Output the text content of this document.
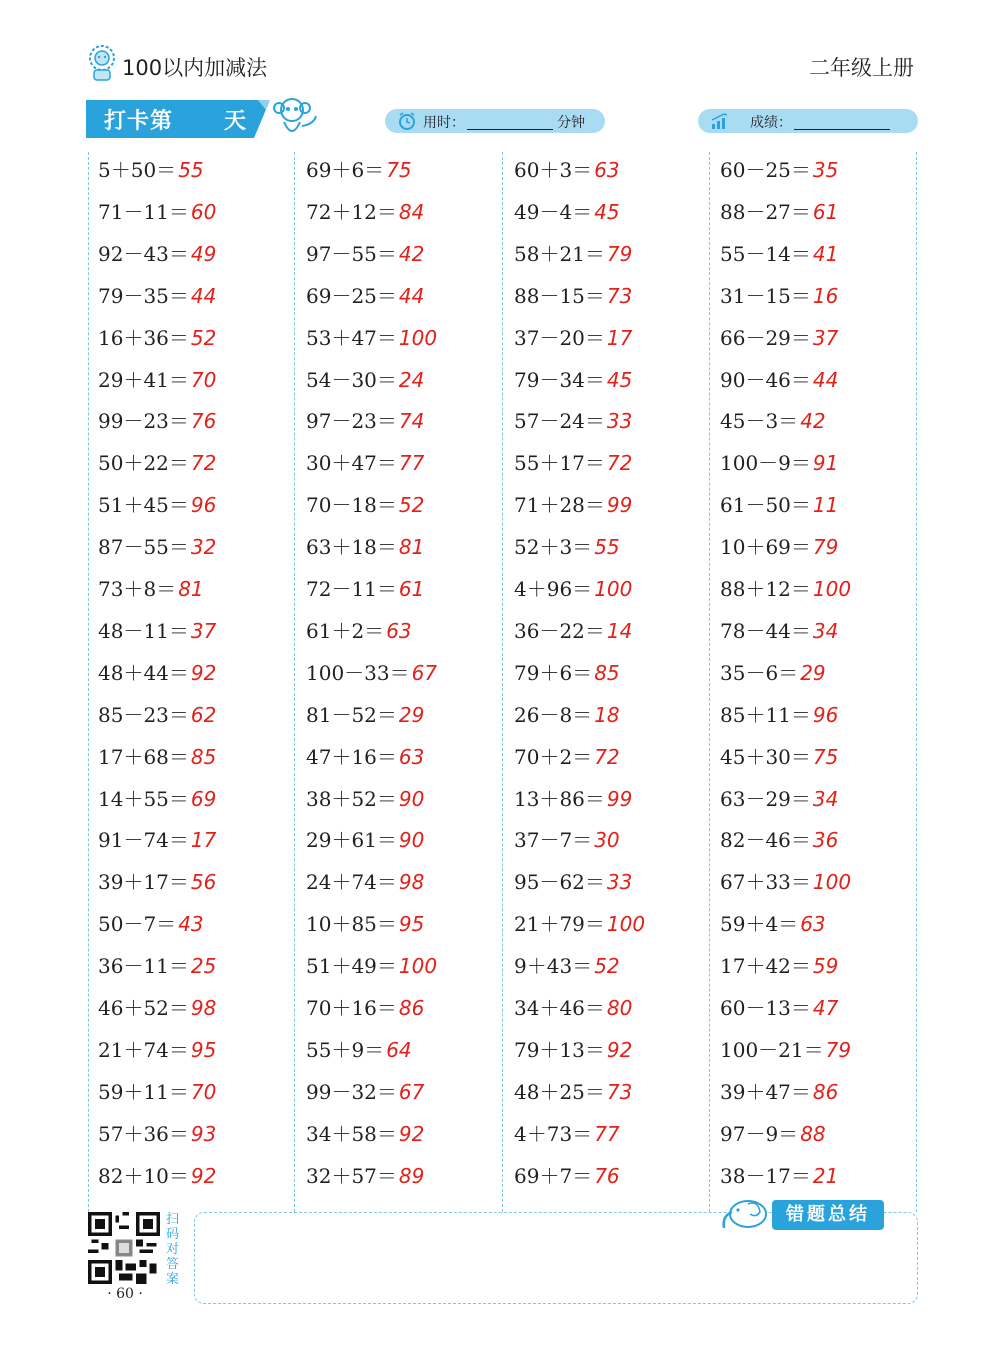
100以内加减法	二年级上册
打卡第 天	用时：	分钟	成绩：
5＋50＝ 55
71－11＝ 60
92－43＝ 49
79－35＝ 44
16＋36＝ 52
29＋41＝ 70
99－23＝ 76
50＋22＝ 72
51＋45＝ 96
87－55＝ 32
73＋8＝ 81
48－11＝ 37
48＋44＝ 92
85－23＝ 62
17＋68＝ 85
14＋55＝ 69
91－74＝ 17
39＋17＝ 56
50－7＝ 43
36－11＝ 25
46＋52＝ 98
21＋74＝ 95
59＋11＝ 70
57＋36＝ 93
82＋10＝ 92
69＋6＝ 75
72＋12＝ 84
97－55＝ 42
69－25＝ 44
53＋47＝ 100
54－30＝ 24
97－23＝ 74
30＋47＝ 77
70－18＝ 52
63＋18＝ 81
72－11＝ 61
61＋2＝ 63
100－33＝ 67
81－52＝ 29
47＋16＝ 63
38＋52＝ 90
29＋61＝ 90
24＋74＝ 98
10＋85＝ 95
51＋49＝ 100
70＋16＝ 86
55＋9＝ 64
99－32＝ 67
34＋58＝ 92
32＋57＝ 89
60＋3＝ 63
49－4＝ 45
58＋21＝ 79
88－15＝ 73
37－20＝ 17
79－34＝ 45
57－24＝ 33
55＋17＝ 72
71＋28＝ 99
52＋3＝ 55
4＋96＝ 100
36－22＝ 14
79＋6＝ 85
26－8＝ 18
70＋2＝ 72
13＋86＝ 99
37－7＝ 30
95－62＝ 33
21＋79＝ 100
9＋43＝ 52
34＋46＝ 80
79＋13＝ 92
48＋25＝ 73
4＋73＝ 77
69＋7＝ 76
60－25＝ 35
88－27＝ 61
55－14＝ 41
31－15＝ 16
66－29＝ 37
90－46＝ 44
45－3＝ 42
100－9＝ 91
61－50＝ 11
10＋69＝ 79
88＋12＝ 100
78－44＝ 34
35－6＝ 29
85＋11＝ 96
45＋30＝ 75
63－29＝ 34
82－46＝ 36
67＋33＝ 100
59＋4＝ 63
17＋42＝ 59
60－13＝ 47
100－21＝ 79
39＋47＝ 86
97－9＝ 88
38－17＝ 21
错题总结
扫码对答案
· 60 ·
